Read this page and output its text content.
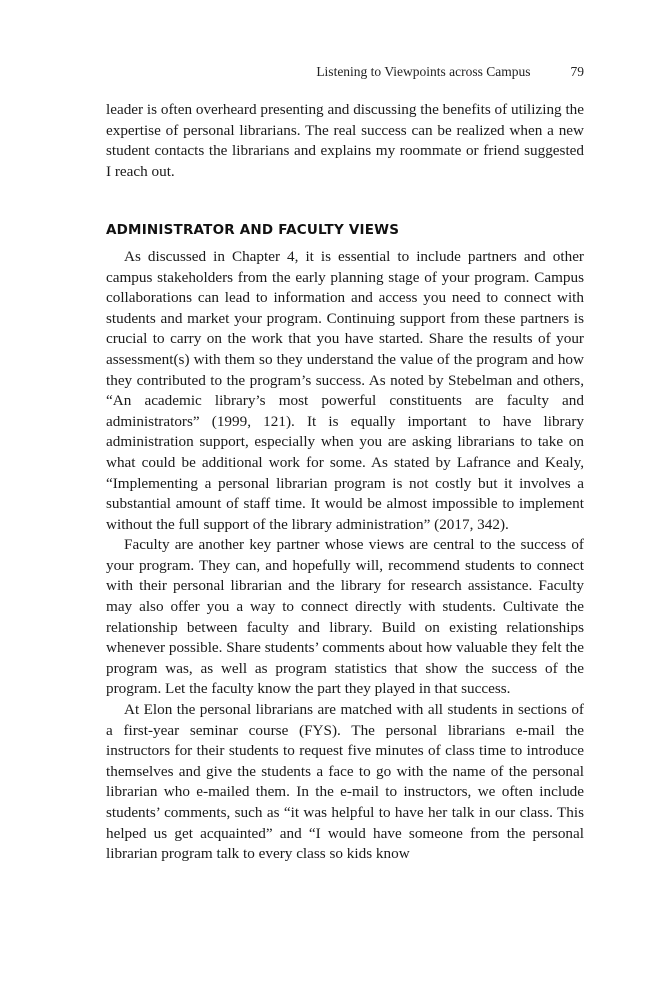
Listening to Viewpoints across Campus	79

leader is often overheard presenting and discussing the benefits of utilizing the expertise of personal librarians. The real success can be realized when a new student contacts the librarians and explains my roommate or friend suggested I reach out.

ADMINISTRATOR AND FACULTY VIEWS

As discussed in Chapter 4, it is essential to include partners and other campus stakeholders from the early planning stage of your program. Campus collaborations can lead to information and access you need to connect with students and market your program. Continuing support from these partners is crucial to carry on the work that you have started. Share the results of your assessment(s) with them so they understand the value of the program and how they contributed to the program’s success. As noted by Stebelman and others, “An academic library’s most powerful constituents are faculty and administrators” (1999, 121). It is equally important to have library administration support, especially when you are asking librarians to take on what could be additional work for some. As stated by Lafrance and Kealy, “Implementing a personal librarian program is not costly but it involves a substantial amount of staff time. It would be almost impossible to implement without the full support of the library administration” (2017, 342).

Faculty are another key partner whose views are central to the success of your program. They can, and hopefully will, recommend students to connect with their personal librarian and the library for research assistance. Faculty may also offer you a way to connect directly with students. Cultivate the relationship between faculty and library. Build on existing relationships whenever possible. Share students’ comments about how valuable they felt the program was, as well as program statistics that show the success of the program. Let the faculty know the part they played in that success.

At Elon the personal librarians are matched with all students in sections of a first-year seminar course (FYS). The personal librarians e-mail the instructors for their students to request five minutes of class time to introduce themselves and give the students a face to go with the name of the personal librarian who e-mailed them. In the e-mail to instructors, we often include students’ comments, such as “it was helpful to have her talk in our class. This helped us get acquainted” and “I would have someone from the personal librarian program talk to every class so kids know
